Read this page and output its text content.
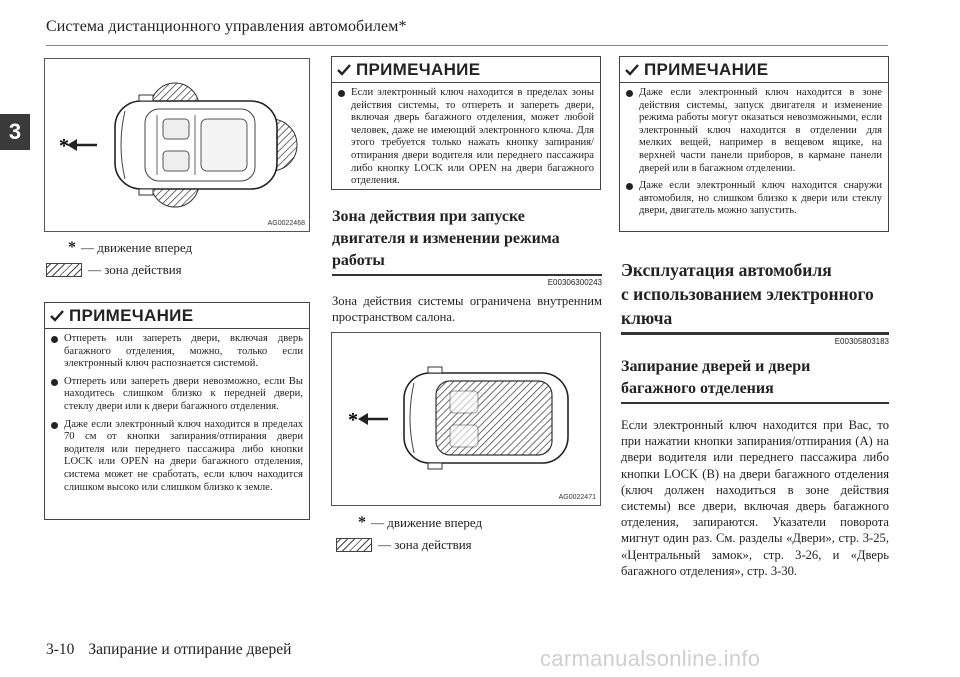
Система дистанционного управления автомобилем*
3
*
AG0022468
* — движение вперед
— зона действия
ПРИМЕЧАНИЕ
Отпереть или запереть двери, включая дверь багажного отделения, можно, только если электронный ключ распознается системой.
Отпереть или запереть двери невозможно, если Вы находитесь слишком близко к передней двери, стеклу двери или к двери багажного отделения.
Даже если электронный ключ находится в пределах 70 см от кнопки запирания/отпирания двери водителя или переднего пассажира либо кнопки LOCK или OPEN на двери багажного отделения, система может не сработать, если ключ находится слишком высоко или слишком близко к земле.
ПРИМЕЧАНИЕ
Если электронный ключ находится в пределах зоны действия системы, то отпереть и запереть двери, включая дверь багажного отделения, может любой человек, даже не имеющий электронного ключа. Для этого требуется только нажать кнопку запирания/отпирания двери водителя или переднего пассажира либо кнопку LOCK или OPEN на двери багажного отделения.
Зона действия при запуске
двигателя и изменении режима
работы
E00306300243
Зона действия системы ограничена внутренним пространством салона.
*
AG0022471
* — движение вперед
— зона действия
ПРИМЕЧАНИЕ
Даже если электронный ключ находится в зоне действия системы, запуск двигателя и изменение режима работы могут оказаться невозможными, если электронный ключ находится в отделении для мелких вещей, например в вещевом ящике, на верхней части панели приборов, в кармане панели дверей или в багажном отделении.
Даже если электронный ключ находится снаружи автомобиля, но слишком близко к двери или стеклу двери, двигатель можно запустить.
Эксплуатация автомобиля
с использованием электронного
ключа
E00305803183
Запирание дверей и двери
багажного отделения
Если электронный ключ находится при Вас, то при нажатии кнопки запирания/отпирания (A) на двери водителя или переднего пассажира либо кнопки LOCK (B) на двери багажного отделения (ключ должен находиться в зоне действия системы) все двери, включая дверь багажного отделения, запираются. Указатели поворота мигнут один раз. См. разделы «Двери», стр. 3-25, «Центральный замок», стр. 3-26, и «Дверь багажного отделения», стр. 3-30.
3-10 Запирание и отпирание дверей	carmanualsonline.info
